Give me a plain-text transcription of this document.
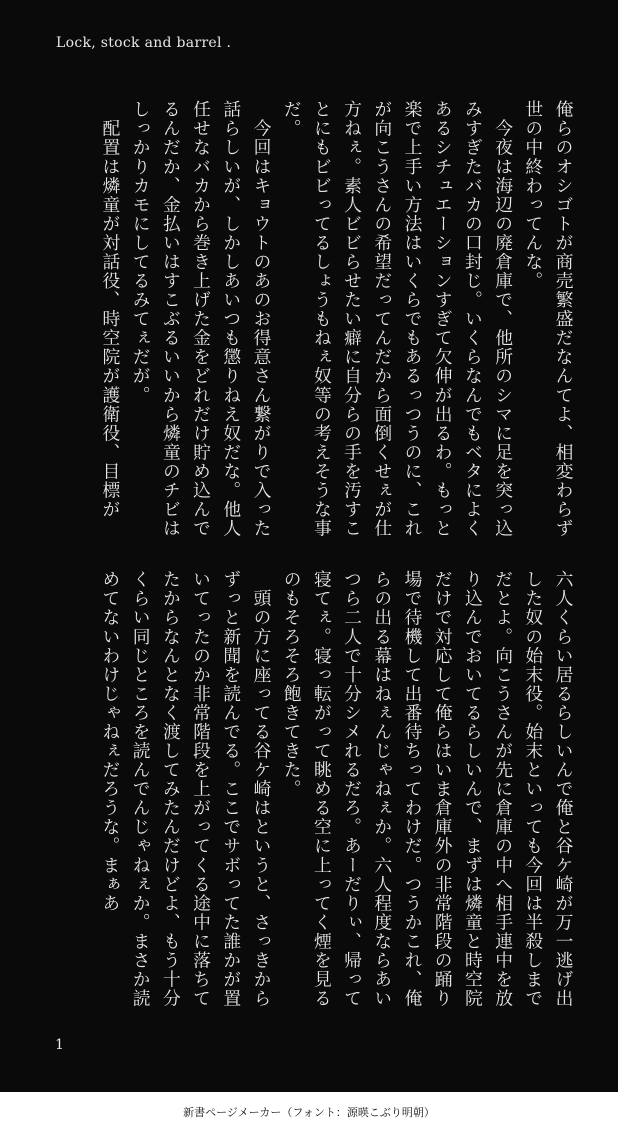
Lock, stock and barrel .

俺らのオシゴトが商売繁盛だなんてよ、相変わらず世の中終わってんな。

　今夜は海辺の廃倉庫で、他所のシマに足を突っ込みすぎたバカの口封じ。いくらなんでもベタによくあるシチュエーションすぎて欠伸が出るわ。もっと楽で上手い方法はいくらでもあるっつうのに、これが向こうさんの希望だってんだから面倒くせぇが仕方ねぇ。素人ビビらせたい癖に自分らの手を汚すことにもビビってるしょうもねぇ奴等の考えそうな事だ。

　今回はキョウトのあのお得意さん繋がりで入った話らしいが、しかしあいつも懲りねえ奴だな。他人任せなバカから巻き上げた金をどれだけ貯め込んでるんだか、金払いはすこぶるいいから燐童のチビはしっかりカモにしてるみてぇだが。

　配置は燐童が対話役、時空院が護衛役、目標が

六人くらい居るらしいんで俺と谷ケ崎が万一逃げ出した奴の始末役。始末といっても今回は半殺しまでだとよ。向こうさんが先に倉庫の中へ相手連中を放り込んでおいてるらしいんで、まずは燐童と時空院だけで対応して俺らはいま倉庫外の非常階段の踊り場で待機して出番待ちってわけだ。つうかこれ、俺らの出る幕はねぇんじゃねぇか。六人程度ならあいつら二人で十分シメれるだろ。あーだりぃ、帰って寝てぇ。寝っ転がって眺める空に上ってく煙を見るのもそろそろ飽きてきた。

　頭の方に座ってる谷ケ崎はというと、さっきからずっと新聞を読んでる。ここでサボってた誰かが置いてったのか非常階段を上がってくる途中に落ちてたからなんとなく渡してみたんだけどよ、もう十分くらい同じところを読んでんじゃねぇか。まさか読めてないわけじゃねぇだろうな。まぁあ

1
新書ページメーカー（フォント：源暎こぶり明朝）
